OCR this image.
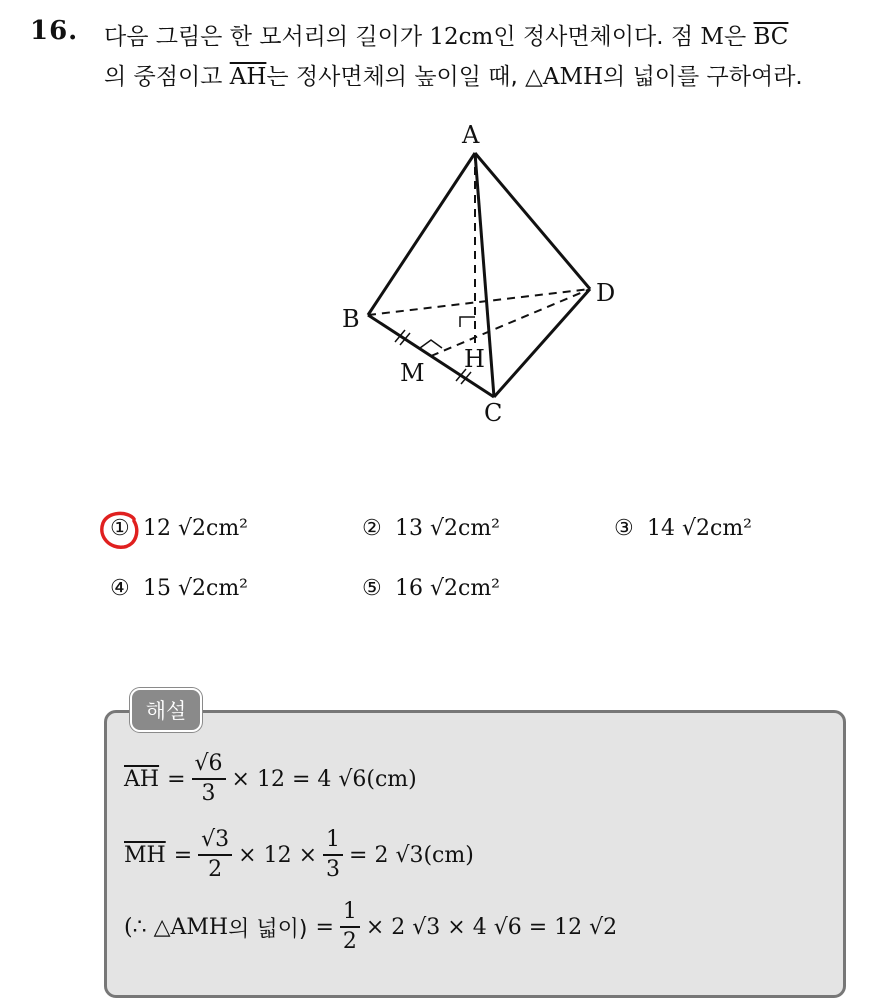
16. 다음 그림은 한 모서리의 길이가 12cm인 정사면체이다. 점 M은 $\overline{BC}$
의 중점이고 $\overline{AH}$는 정사면체의 높이일 때, △AMH의 넓이를 구하여라.
A
B
C
D
M H
① 12 √2cm²	② 13 √2cm²	③ 14 √2cm²
④ 15 √2cm²	⑤ 16 √2cm²
해설
$\overline{AH} = \frac{√6}{3} \times 12 = 4$ √6(cm)
$\overline{MH} = \frac{√3}{2} \times 12 \times \frac{1}{3} = 2$ √3(cm)
(∴ △AMH 의 넓이) = $\frac{1}{2} \times 2$ √3 × 4 √6 = 12 √2
